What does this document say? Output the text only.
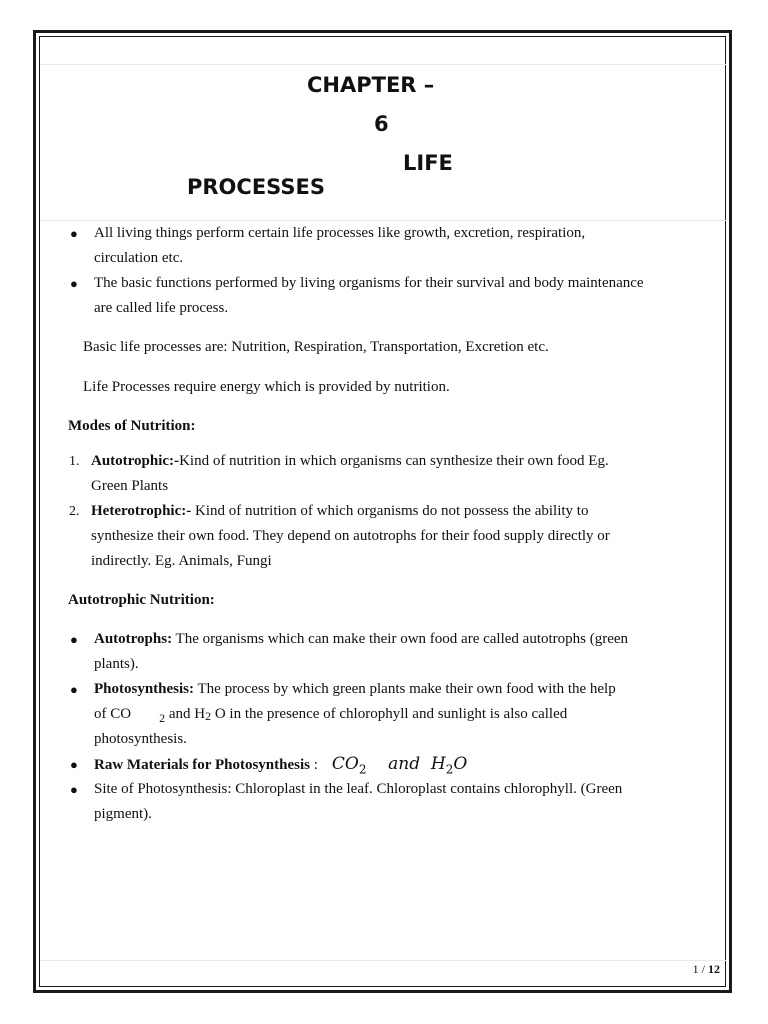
CHAPTER –
6
LIFE
PROCESSES
● All living things perform certain life processes like growth, excretion, respiration,
circulation etc.
● The basic functions performed by living organisms for their survival and body maintenance
are called life process.
Basic life processes are: Nutrition, Respiration, Transportation, Excretion etc.
Life Processes require energy which is provided by nutrition.
Modes of Nutrition:
1. Autotrophic:-Kind of nutrition in which organisms can synthesize their own food Eg.
Green Plants
2. Heterotrophic:- Kind of nutrition of which organisms do not possess the ability to
synthesize their own food. They depend on autotrophs for their food supply directly or
indirectly. Eg. Animals, Fungi
Autotrophic Nutrition:
● Autotrophs: The organisms which can make their own food are called autotrophs (green
plants).
● Photosynthesis: The process by which green plants make their own food with the help
of CO $_2$ and $H_2$ O in the presence of chlorophyll and sunlight is also called
photosynthesis.
● Raw Materials for Photosynthesis : $CO_2$ and $H_2O$
● Site of Photosynthesis: Chloroplast in the leaf. Chloroplast contains chlorophyll. (Green
pigment).
1 / 12
